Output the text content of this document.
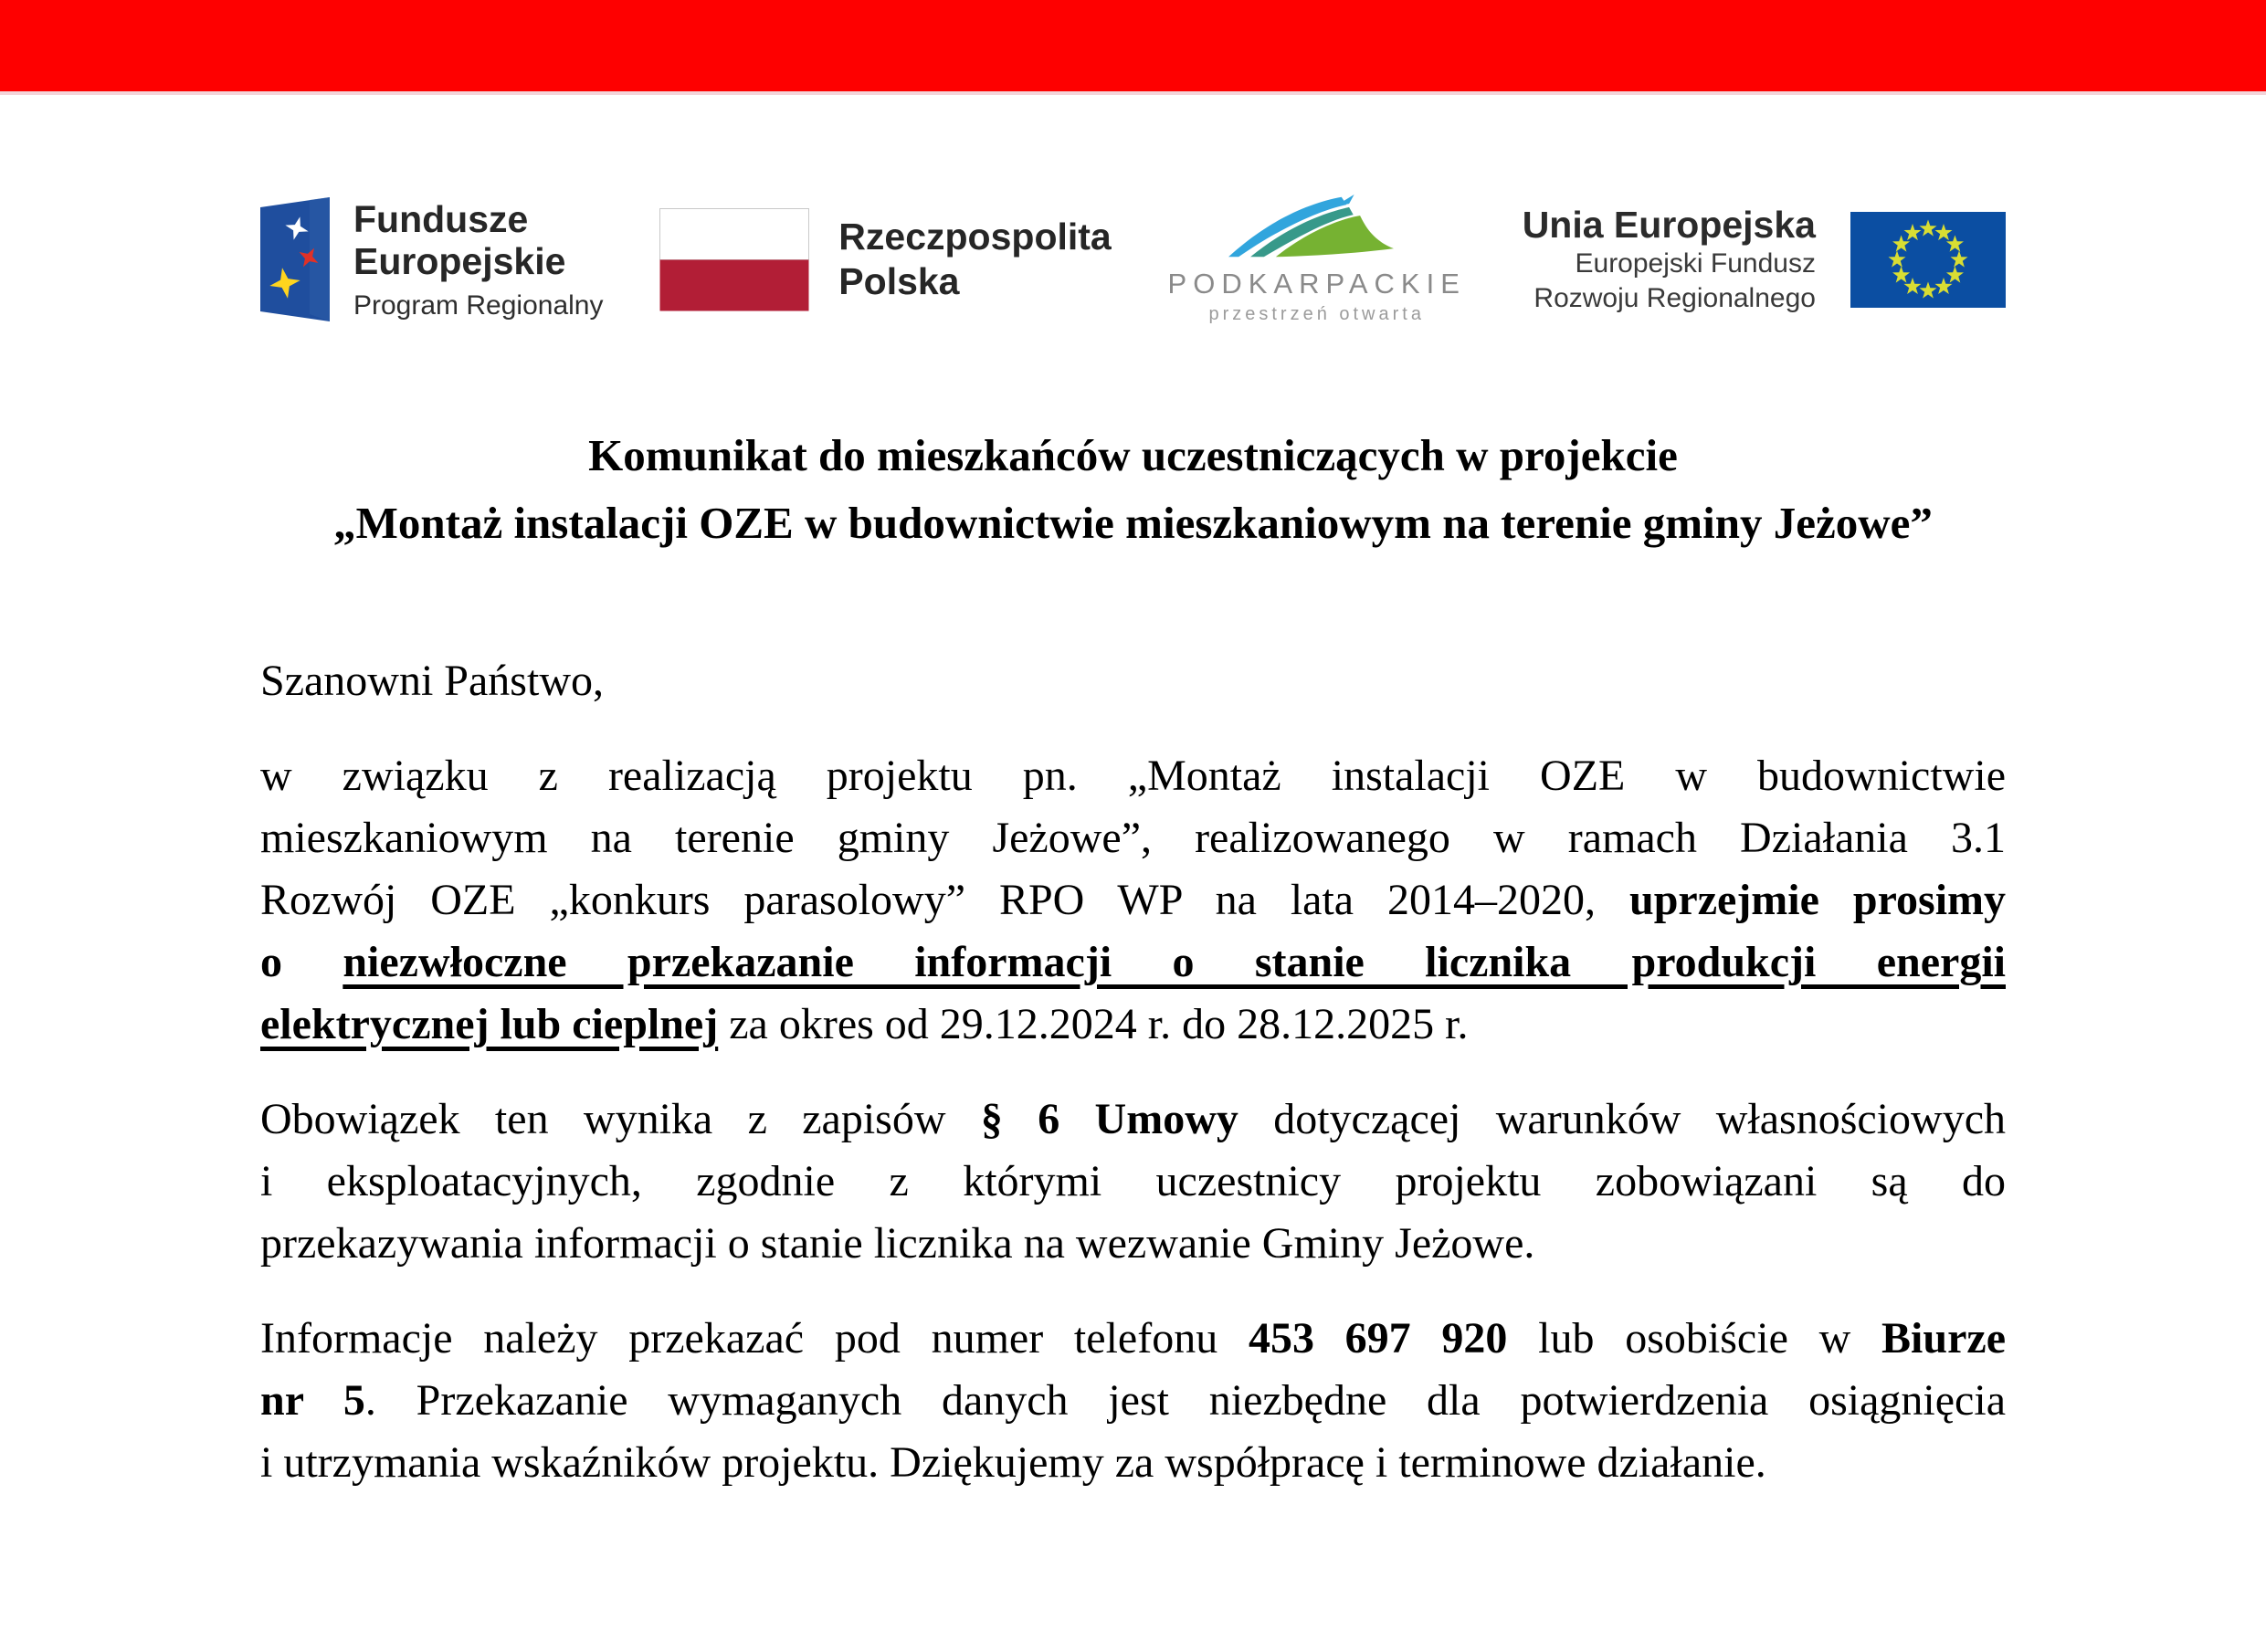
Fundusze
Europejskie
Program Regionalny
Rzeczpospolita
Polska	PODKARPACKIE
przestrzeń otwarta
Unia Europejska
Europejski Fundusz
Rozwoju Regionalnego
Komunikat do mieszkańców uczestniczących w projekcie
„Montaż instalacji OZE w budownictwie mieszkaniowym na terenie gminy Jeżowe”
Szanowni Państwo,
w związku z realizacją projektu pn. „Montaż instalacji OZE w budownictwie
mieszkaniowym na terenie gminy Jeżowe”, realizowanego w ramach Działania 3.1
Rozwój OZE „konkurs parasolowy” RPO WP na lata 2014–2020, uprzejmie prosimy
o niezwłoczne przekazanie informacji o stanie licznika produkcji energii
elektrycznej lub cieplnej za okres od 29.12.2024 r. do 28.12.2025 r.
Obowiązek ten wynika z zapisów § 6 Umowy dotyczącej warunków własnościowych
i eksploatacyjnych, zgodnie z którymi uczestnicy projektu zobowiązani są do
przekazywania informacji o stanie licznika na wezwanie Gminy Jeżowe.
Informacje należy przekazać pod numer telefonu 453 697 920 lub osobiście w Biurze
nr 5. Przekazanie wymaganych danych jest niezbędne dla potwierdzenia osiągnięcia
i utrzymania wskaźników projektu. Dziękujemy za współpracę i terminowe działanie.
